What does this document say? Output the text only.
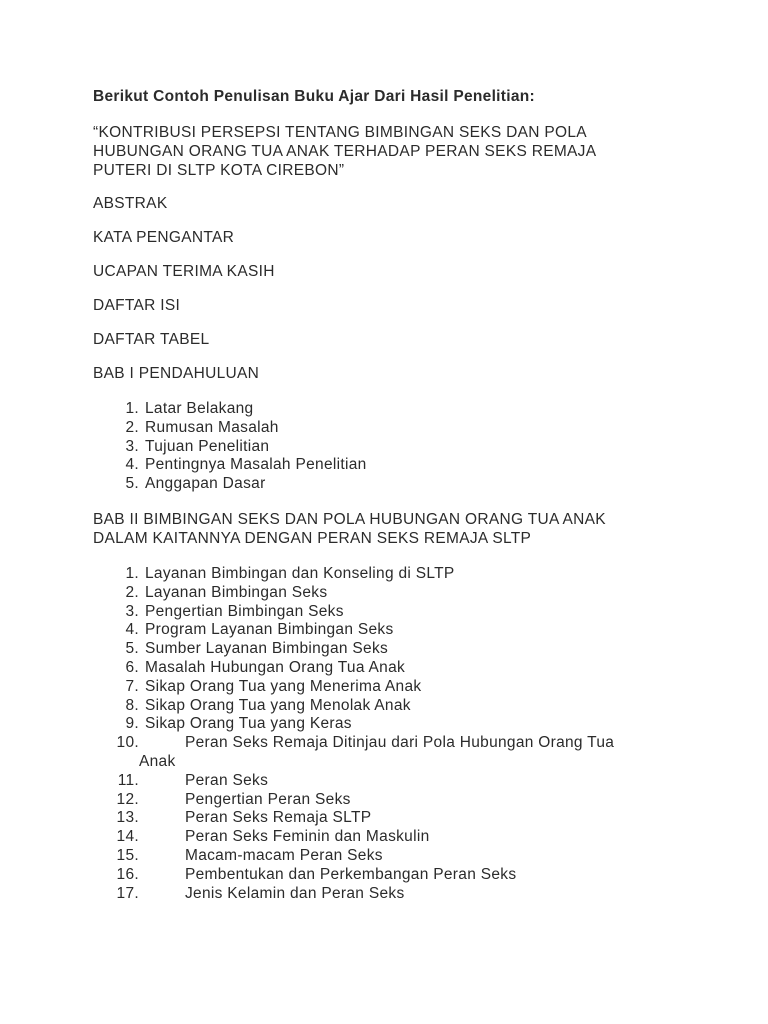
Berikut Contoh Penulisan Buku Ajar Dari Hasil Penelitian:
“KONTRIBUSI PERSEPSI TENTANG BIMBINGAN SEKS DAN POLA
HUBUNGAN ORANG TUA ANAK TERHADAP PERAN SEKS REMAJA
PUTERI DI SLTP KOTA CIREBON”
ABSTRAK
KATA PENGANTAR
UCAPAN TERIMA KASIH
DAFTAR ISI
DAFTAR TABEL
BAB I PENDAHULUAN
1. Latar Belakang
2. Rumusan Masalah
3. Tujuan Penelitian
4. Pentingnya Masalah Penelitian
5. Anggapan Dasar
BAB II BIMBINGAN SEKS DAN POLA HUBUNGAN ORANG TUA ANAK
DALAM KAITANNYA DENGAN PERAN SEKS REMAJA SLTP
1. Layanan Bimbingan dan Konseling di SLTP
2. Layanan Bimbingan Seks
3. Pengertian Bimbingan Seks
4. Program Layanan Bimbingan Seks
5. Sumber Layanan Bimbingan Seks
6. Masalah Hubungan Orang Tua Anak
7. Sikap Orang Tua yang Menerima Anak
8. Sikap Orang Tua yang Menolak Anak
9. Sikap Orang Tua yang Keras
10.	Peran Seks Remaja Ditinjau dari Pola Hubungan Orang Tua
Anak
11.	Peran Seks
12.	Pengertian Peran Seks
13.	Peran Seks Remaja SLTP
14.	Peran Seks Feminin dan Maskulin
15.	Macam-macam Peran Seks
16.	Pembentukan dan Perkembangan Peran Seks
17.	Jenis Kelamin dan Peran Seks
